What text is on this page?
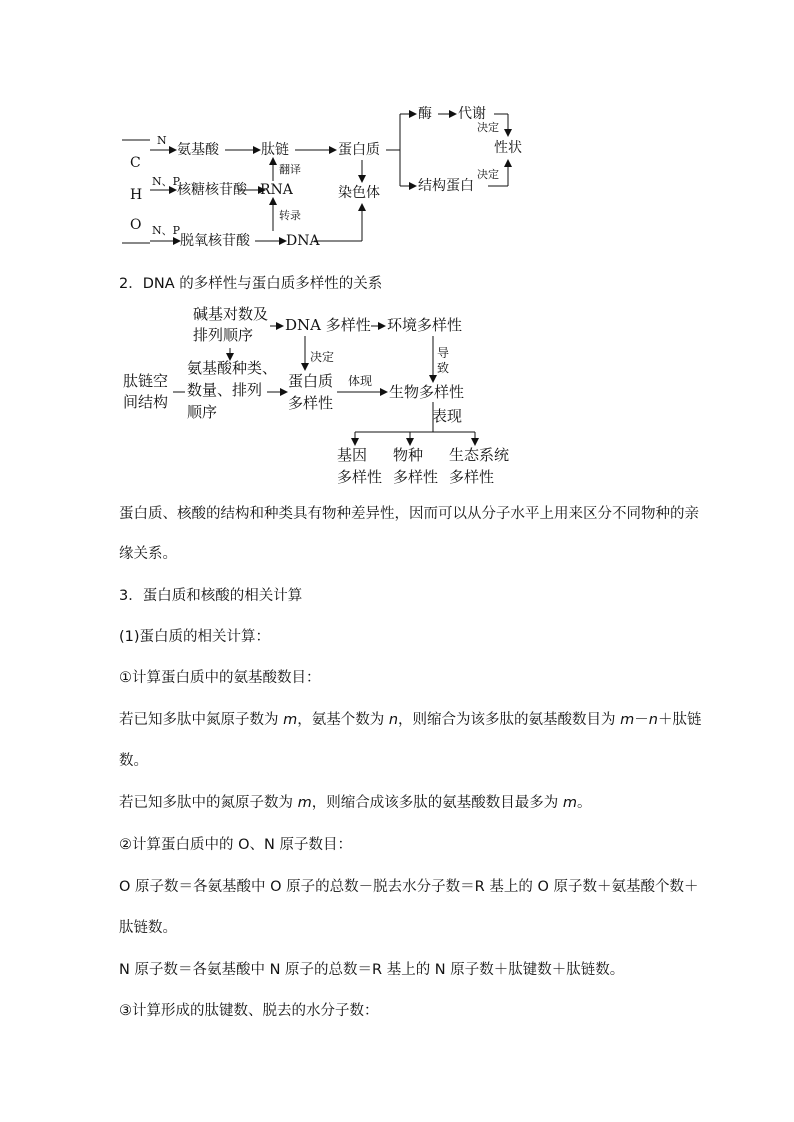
C
H
O
N
N、P
N、P
氨基酸
核糖核苷酸
脱氧核苷酸
肽链
RNA
DNA
翻译
转录
蛋白质
染色体
酶 代谢
结构蛋白
决定
决定
性状
2．DNA 的多样性与蛋白质多样性的关系
碱基对数及
排列顺序
DNA 多样性 环境多样性
肽链空
间结构
氨基酸种类、
数量、排列
顺序
决定
蛋白质
多样性
体现
导
致
生物多样性
表现
基因
多样性
物种
多样性
生态系统
多样性
蛋白质、核酸的结构和种类具有物种差异性，因而可以从分子水平上用来区分不同物种的亲
缘关系。
3．蛋白质和核酸的相关计算
(1)蛋白质的相关计算：
①计算蛋白质中的氨基酸数目：
若已知多肽中氮原子数为 m，氨基个数为 n，则缩合为该多肽的氨基酸数目为 m－n＋肽链
数。
若已知多肽中的氮原子数为 m，则缩合成该多肽的氨基酸数目最多为 m。
②计算蛋白质中的 O、N 原子数目：
O 原子数＝各氨基酸中 O 原子的总数－脱去水分子数＝R 基上的 O 原子数＋氨基酸个数＋
肽链数。
N 原子数＝各氨基酸中 N 原子的总数＝R 基上的 N 原子数＋肽键数＋肽链数。
③计算形成的肽键数、脱去的水分子数：
